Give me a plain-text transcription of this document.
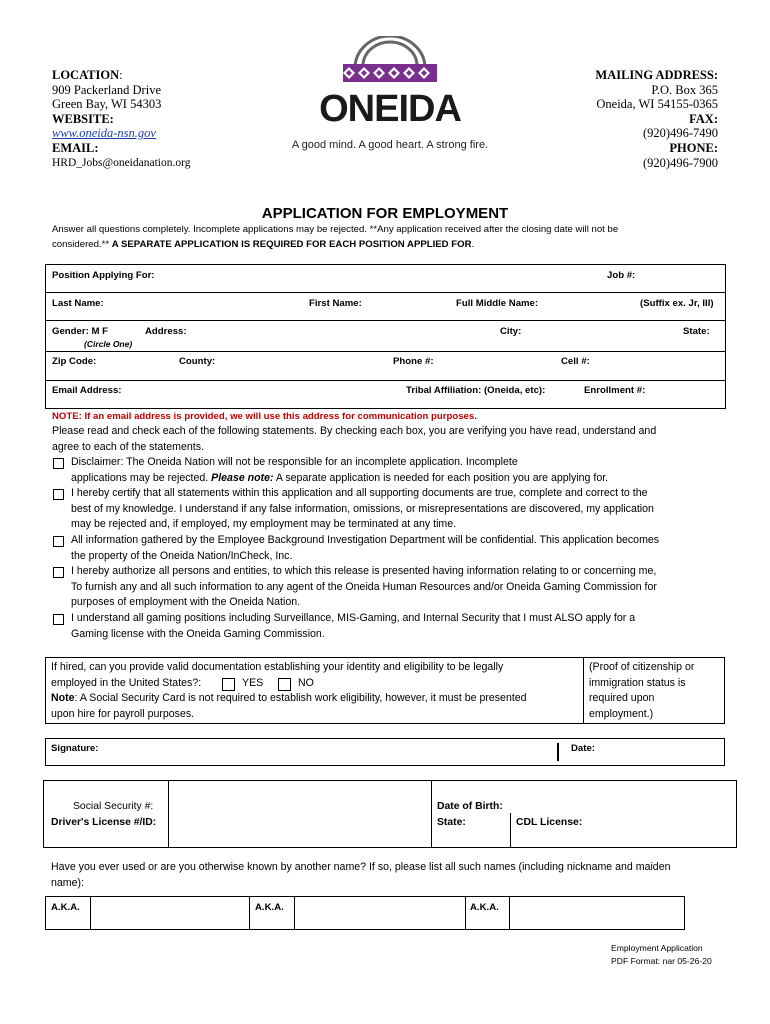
LOCATION:
909 Packerland Drive
Green Bay, WI 54303
WEBSITE:
www.oneida-nsn.gov
EMAIL:
HRD_Jobs@oneidanation.org
MAILING ADDRESS:
P.O. Box 365
Oneida, WI 54155-0365
FAX:
(920)496-7490
PHONE:
(920)496-7900
ONEIDA
A good mind. A good heart. A strong fire.
APPLICATION FOR EMPLOYMENT
Answer all questions completely. Incomplete applications may be rejected. **Any application received after the closing date will not be
considered.** A SEPARATE APPLICATION IS REQUIRED FOR EACH POSITION APPLIED FOR.
Position Applying For:	Job #:
Last Name:	First Name:	Full Middle Name:	(Suffix ex. Jr, III)
Gender: M F
(Circle One)
Address:	City:	State:
Zip Code:	County:	Phone #:	Cell #:
Email Address:	Tribal Affiliation: (Oneida, etc):	Enrollment #:
NOTE: If an email address is provided, we will use this address for communication purposes.
Please read and check each of the following statements. By checking each box, you are verifying you have read, understand and
agree to each of the statements.
Disclaimer: The Oneida Nation will not be responsible for an incomplete application. Incomplete
applications may be rejected. Please note: A separate application is needed for each position you are applying for.
I hereby certify that all statements within this application and all supporting documents are true, complete and correct to the
best of my knowledge. I understand if any false information, omissions, or misrepresentations are discovered, my application
may be rejected and, if employed, my employment may be terminated at any time.
All information gathered by the Employee Background Investigation Department will be confidential. This application becomes
the property of the Oneida Nation/InCheck, Inc.
I hereby authorize all persons and entities, to which this release is presented having information relating to or concerning me,
To furnish any and all such information to any agent of the Oneida Human Resources and/or Oneida Gaming Commission for
purposes of employment with the Oneida Nation.
I understand all gaming positions including Surveillance, MIS-Gaming, and Internal Security that I must ALSO apply for a
Gaming license with the Oneida Gaming Commission.
If hired, can you provide valid documentation establishing your identity and eligibility to be legally
employed in the United States?:
Note: A Social Security Card is not required to establish work eligibility, however, it must be presented
upon hire for payroll purposes.
YES	NO
(Proof of citizenship or
immigration status is
required upon
employment.)
Signature:	Date:
Social Security #:
Driver's License #/ID:
Date of Birth:
State:	CDL License:
Have you ever used or are you otherwise known by another name? If so, please list all such names (including nickname and maiden
name):
A.K.A.	A.K.A.	A.K.A.
Employment Application
PDF Format: nar 05-26-20
